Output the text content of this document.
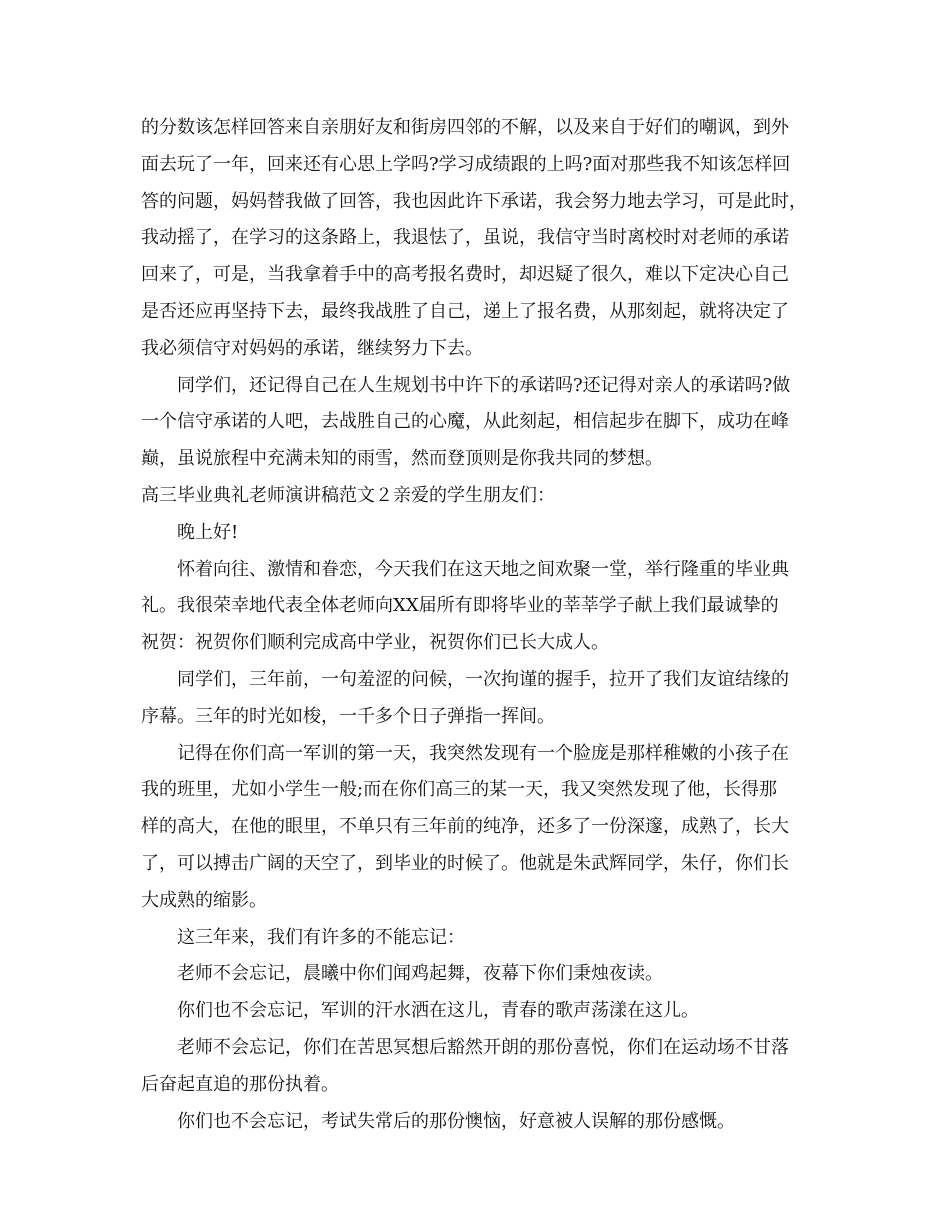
的分数该怎样回答来自亲朋好友和街房四邻的不解，以及来自于好们的嘲讽，到外
面去玩了一年，回来还有心思上学吗?学习成绩跟的上吗?面对那些我不知该怎样回
答的问题，妈妈替我做了回答，我也因此许下承诺，我会努力地去学习，可是此时，
我动摇了，在学习的这条路上，我退怯了，虽说，我信守当时离校时对老师的承诺
回来了，可是，当我拿着手中的高考报名费时，却迟疑了很久，难以下定决心自己
是否还应再坚持下去，最终我战胜了自己，递上了报名费，从那刻起，就将决定了
我必须信守对妈妈的承诺，继续努力下去。
同学们，还记得自己在人生规划书中许下的承诺吗?还记得对亲人的承诺吗?做
一个信守承诺的人吧，去战胜自己的心魔，从此刻起，相信起步在脚下，成功在峰
巅，虽说旅程中充满未知的雨雪，然而登顶则是你我共同的梦想。
高三毕业典礼老师演讲稿范文２亲爱的学生朋友们：
晚上好!
怀着向往、激情和眷恋，今天我们在这天地之间欢聚一堂，举行隆重的毕业典
礼。我很荣幸地代表全体老师向XX届所有即将毕业的莘莘学子献上我们最诚挚的
祝贺：祝贺你们顺利完成高中学业，祝贺你们已长大成人。
同学们，三年前，一句羞涩的问候，一次拘谨的握手，拉开了我们友谊结缘的
序幕。三年的时光如梭，一千多个日子弹指一挥间。
记得在你们高一军训的第一天，我突然发现有一个脸庞是那样稚嫩的小孩子在
我的班里，尤如小学生一般;而在你们高三的某一天，我又突然发现了他，长得那
样的高大，在他的眼里，不单只有三年前的纯净，还多了一份深邃，成熟了，长大
了，可以搏击广阔的天空了，到毕业的时候了。他就是朱武辉同学，朱仔，你们长
大成熟的缩影。
这三年来，我们有许多的不能忘记：
老师不会忘记，晨曦中你们闻鸡起舞，夜幕下你们秉烛夜读。
你们也不会忘记，军训的汗水洒在这儿，青春的歌声荡漾在这儿。
老师不会忘记，你们在苦思冥想后豁然开朗的那份喜悦，你们在运动场不甘落
后奋起直追的那份执着。
你们也不会忘记，考试失常后的那份懊恼，好意被人误解的那份感慨。
